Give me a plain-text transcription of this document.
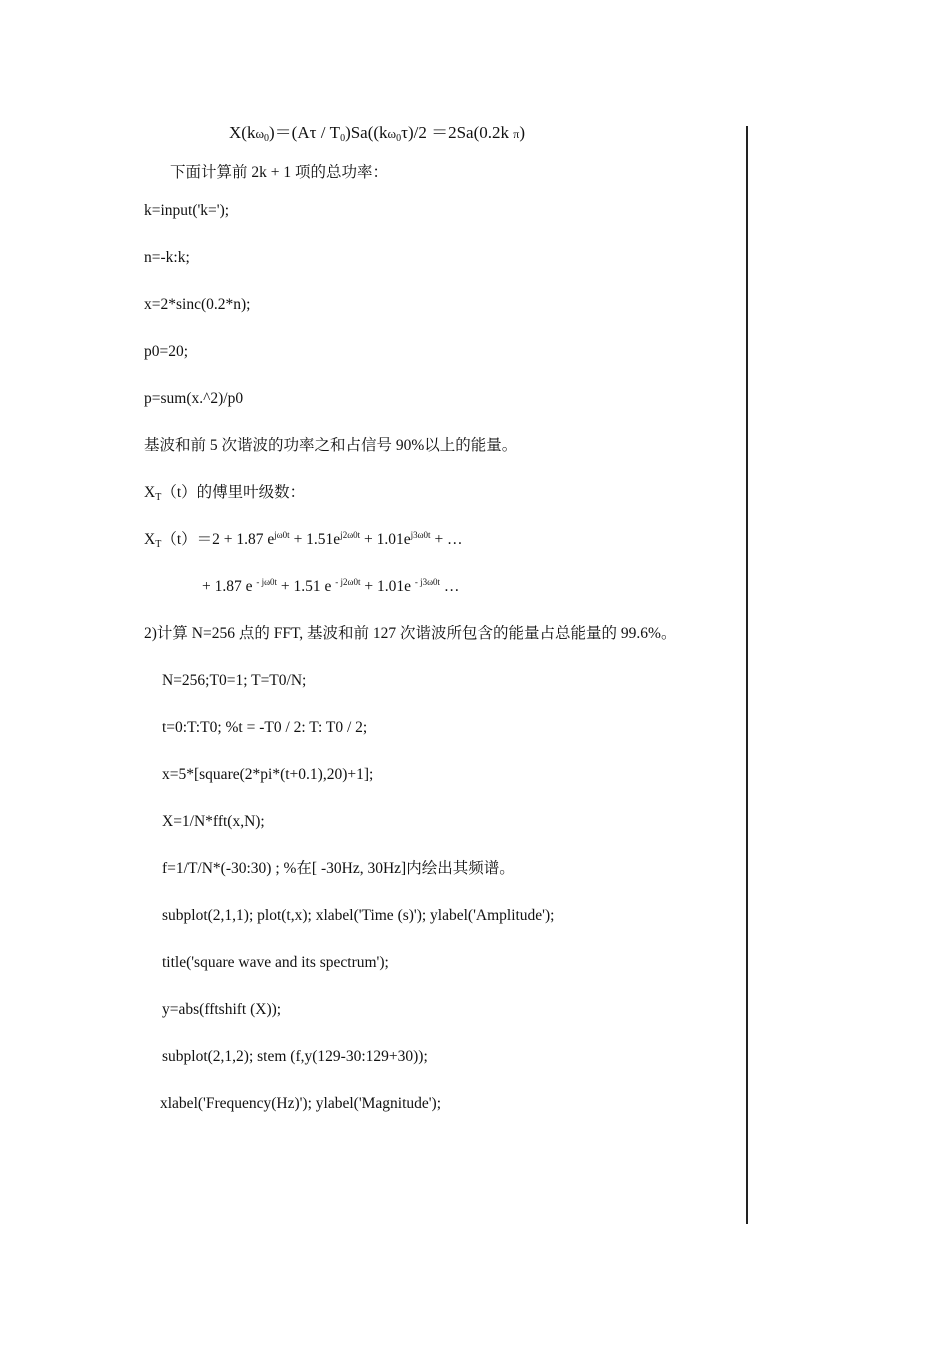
$X(k\omega_0)=(A\tau / T_0)Sa((k\omega_0\tau)/2 =2Sa(0.2k$ π)
下面计算前 2k + 1 项的总功率：
k=input('k=');
n=-k:k;
x=2*sinc(0.2*n);
p0=20;
p=sum(x.^2)/p0
基波和前 5 次谐波的功率之和占信号 90%以上的能量。
$X_T(t)$的傅里叶级数：
$X_T(t)=2 + 1.87$ $e^{j\omega 0t} + 1.51e^{j2\omega 0t} + 1.01e^{j3\omega 0t}$ + …
+ 1.87 e $^{- j\omega 0t}$ + 1.51 e $^{- j2\omega 0t}$ + 1.01e $^{- j3\omega 0t}$ …
2)计算 N=256 点的 FFT, 基波和前 127 次谐波所包含的能量占总能量的 99.6%。
N=256;T0=1; T=T0/N;
t=0:T:T0; %t = -T0 / 2: T: T0 / 2;
x=5*[square(2*pi*(t+0.1),20)+1];
X=1/N*fft(x,N);
f=1/T/N*(-30:30) ; %在[ -30Hz, 30Hz]内绘出其频谱。
subplot(2,1,1); plot(t,x); xlabel('Time (s)'); ylabel('Amplitude');
title('square wave and its spectrum');
y=abs(fftshift (X));
subplot(2,1,2); stem (f,y(129-30:129+30));
xlabel('Frequency(Hz)'); ylabel('Magnitude');
